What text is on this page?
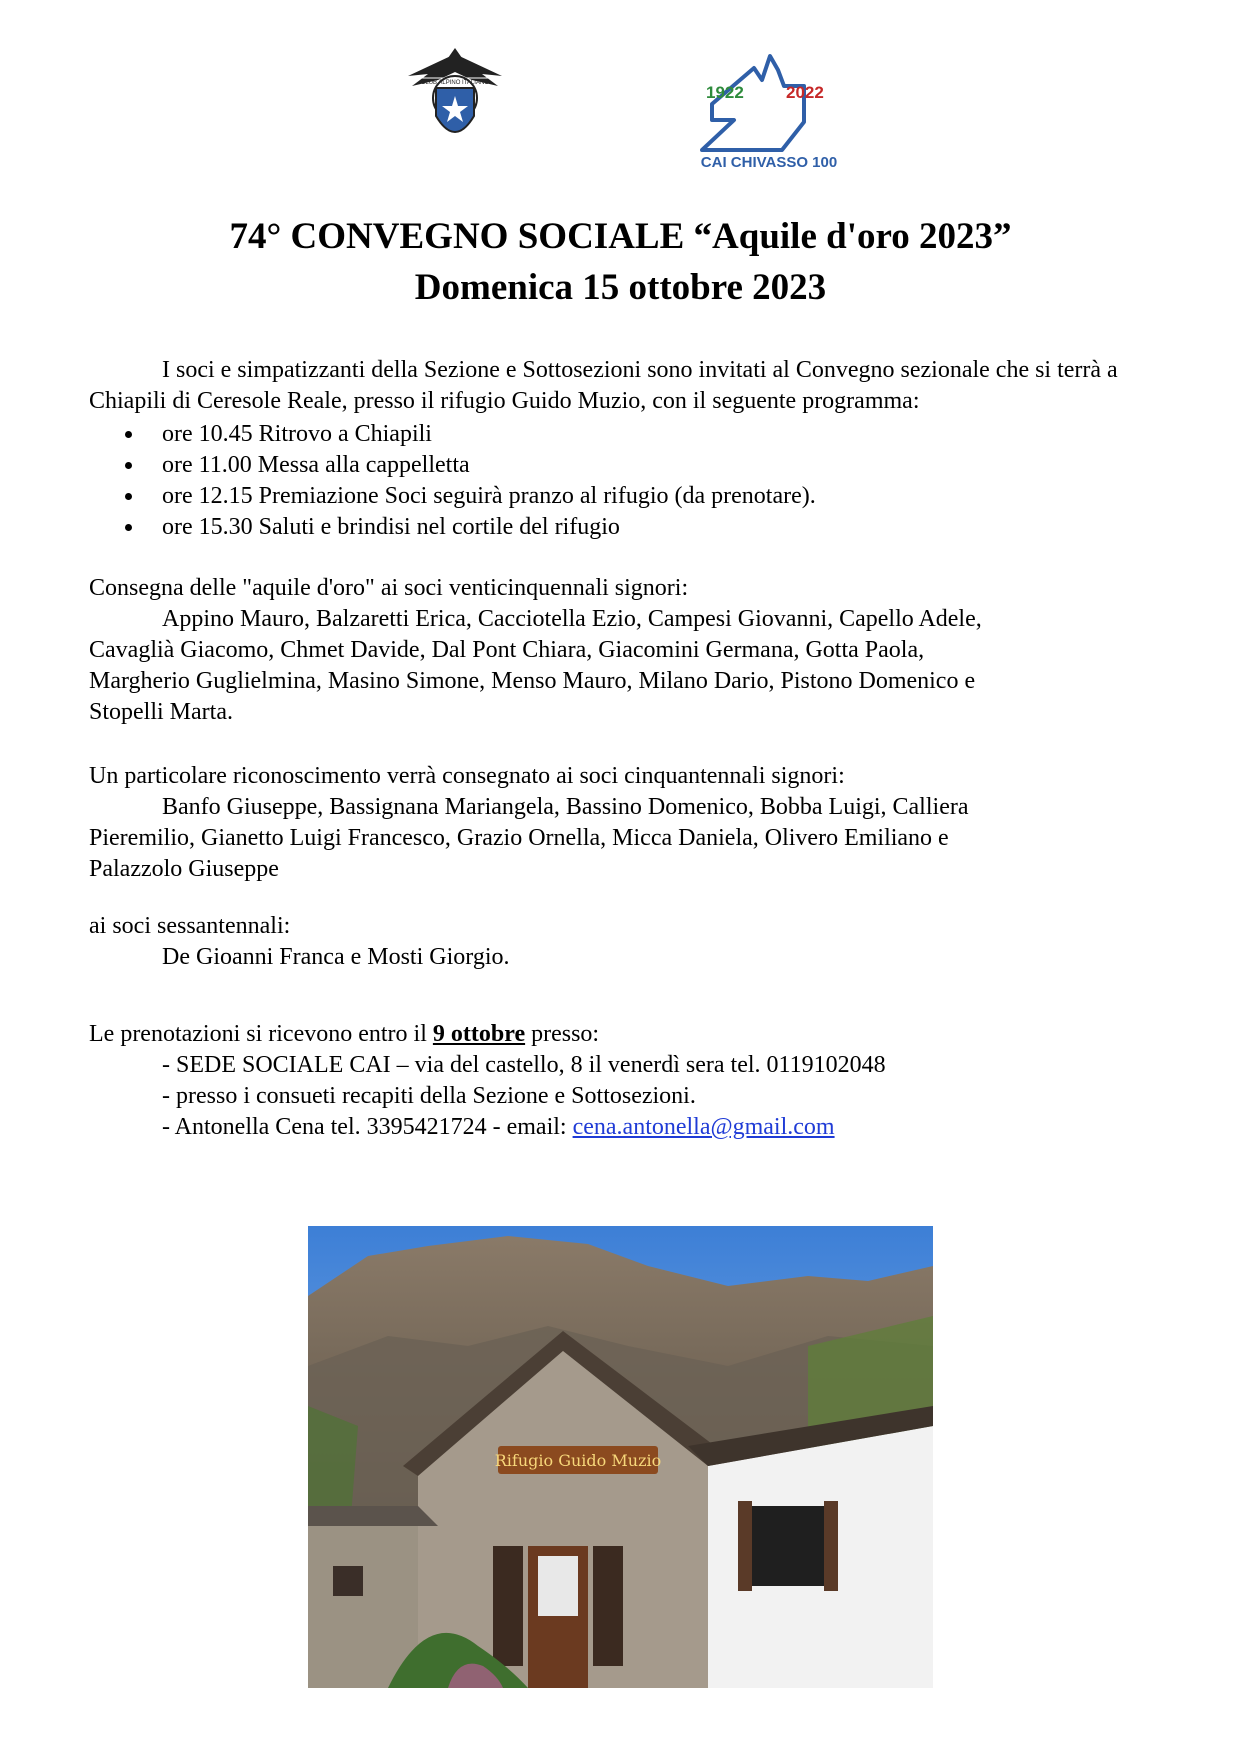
CLUB ALPINO ITALIANO	1922 2022
CAI CHIVASSO 100
74° CONVEGNO SOCIALE “Aquile d'oro 2023”
Domenica 15 ottobre 2023
I soci e simpatizzanti della Sezione e Sottosezioni sono invitati al Convegno sezionale che si terrà a Chiapili di Ceresole Reale, presso il rifugio Guido Muzio, con il seguente programma:
ore 10.45 Ritrovo a Chiapili
ore 11.00 Messa alla cappelletta
ore 12.15 Premiazione Soci seguirà pranzo al rifugio (da prenotare).
ore 15.30 Saluti e brindisi nel cortile del rifugio
Consegna delle "aquile d'oro" ai soci venticinquennali signori:
Appino Mauro, Balzaretti Erica, Cacciotella Ezio, Campesi Giovanni, Capello Adele,
Cavaglià Giacomo, Chmet Davide, Dal Pont Chiara, Giacomini Germana, Gotta Paola,
Margherio Guglielmina, Masino Simone, Menso Mauro, Milano Dario, Pistono Domenico e
Stopelli Marta.
Un particolare riconoscimento verrà consegnato ai soci cinquantennali signori:
Banfo Giuseppe, Bassignana Mariangela, Bassino Domenico, Bobba Luigi, Calliera
Pieremilio, Gianetto Luigi Francesco, Grazio Ornella, Micca Daniela, Olivero Emiliano e
Palazzolo Giuseppe
ai soci sessantennali:
De Gioanni Franca e Mosti Giorgio.
Le prenotazioni si ricevono entro il 9 ottobre presso:
- SEDE SOCIALE CAI – via del castello, 8 il venerdì sera tel. 0119102048
- presso i consueti recapiti della Sezione e Sottosezioni.
- Antonella Cena tel. 3395421724 - email: cena.antonella@gmail.com
Rifugio Guido Muzio
